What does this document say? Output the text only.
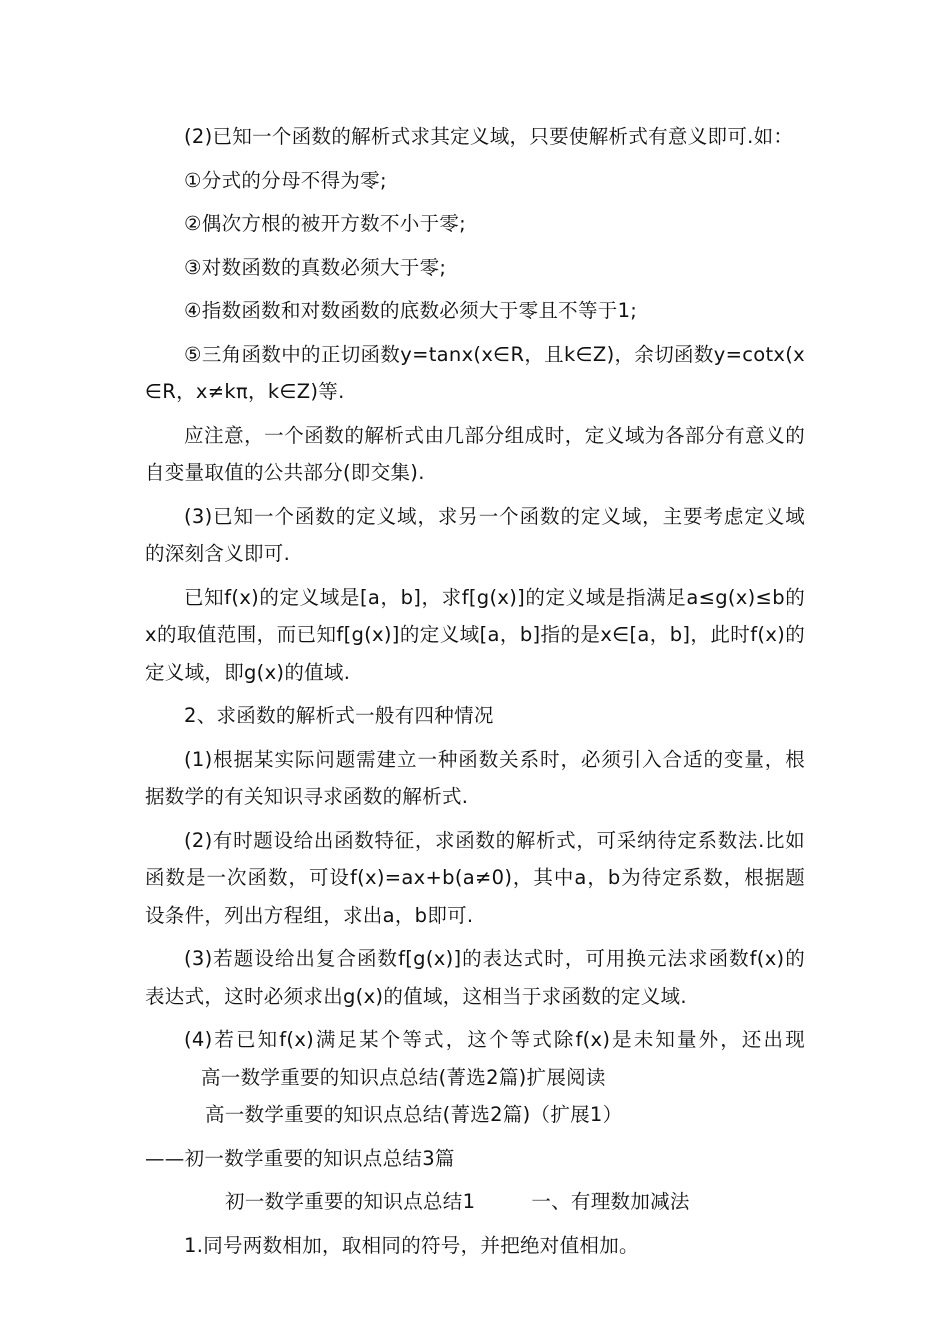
(2)已知一个函数的解析式求其定义域，只要使解析式有意义即可.如：

①分式的分母不得为零;

②偶次方根的被开方数不小于零;

③对数函数的真数必须大于零;

④指数函数和对数函数的底数必须大于零且不等于1;

⑤三角函数中的正切函数y=tanx(x∈R，且k∈Z)，余切函数y=cotx(x∈R，x≠kπ，k∈Z)等.

应注意，一个函数的解析式由几部分组成时，定义域为各部分有意义的自变量取值的公共部分(即交集).

(3)已知一个函数的定义域，求另一个函数的定义域，主要考虑定义域的深刻含义即可.

已知f(x)的定义域是[a，b]，求f[g(x)]的定义域是指满足a≤g(x)≤b的x的取值范围，而已知f[g(x)]的定义域[a，b]指的是x∈[a，b]，此时f(x)的定义域，即g(x)的值域.

2、求函数的解析式一般有四种情况

(1)根据某实际问题需建立一种函数关系时，必须引入合适的变量，根据数学的有关知识寻求函数的解析式.

(2)有时题设给出函数特征，求函数的解析式，可采纳待定系数法.比如函数是一次函数，可设f(x)=ax+b(a≠0)，其中a，b为待定系数，根据题设条件，列出方程组，求出a，b即可.

(3)若题设给出复合函数f[g(x)]的表达式时，可用换元法求函数f(x)的表达式，这时必须求出g(x)的值域，这相当于求函数的定义域.

(4)若已知f(x)满足某个等式，这个等式除f(x)是未知量外，还出现高一数学重要的知识点总结(菁选2篇)扩展阅读

高一数学重要的知识点总结(菁选2篇)（扩展1）

——初一数学重要的知识点总结3篇

初一数学重要的知识点总结1	一、有理数加减法

1.同号两数相加，取相同的符号，并把绝对值相加。
